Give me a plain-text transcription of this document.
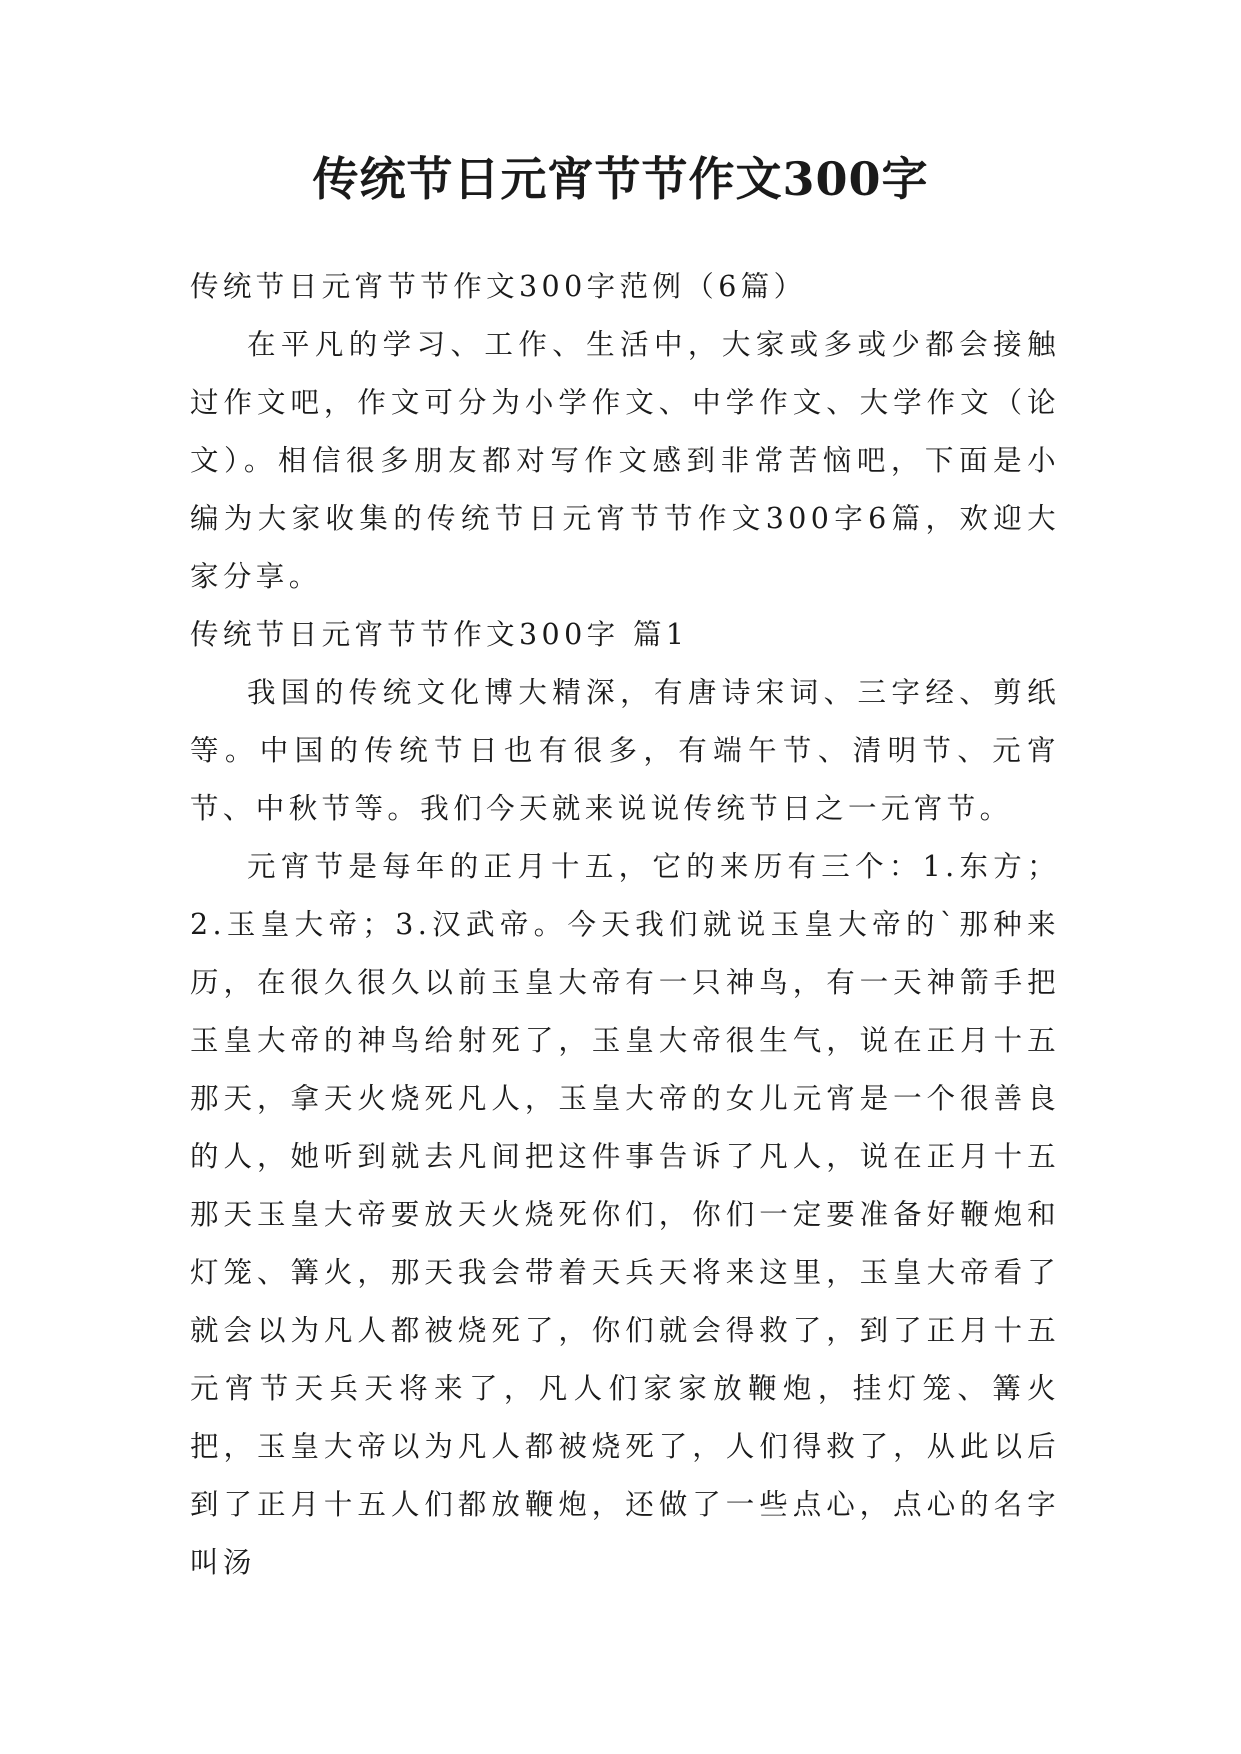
传统节日元宵节节作文300字

传统节日元宵节节作文300字范例（6篇）

在平凡的学习、工作、生活中，大家或多或少都会接触过作文吧，作文可分为小学作文、中学作文、大学作文（论文）。相信很多朋友都对写作文感到非常苦恼吧，下面是小编为大家收集的传统节日元宵节节作文300字6篇，欢迎大家分享。

传统节日元宵节节作文300字 篇1

我国的传统文化博大精深，有唐诗宋词、三字经、剪纸等。中国的传统节日也有很多，有端午节、清明节、元宵节、中秋节等。我们今天就来说说传统节日之一元宵节。

元宵节是每年的正月十五，它的来历有三个：1.东方；2.玉皇大帝；3.汉武帝。今天我们就说玉皇大帝的`那种来历，在很久很久以前玉皇大帝有一只神鸟，有一天神箭手把玉皇大帝的神鸟给射死了，玉皇大帝很生气，说在正月十五那天，拿天火烧死凡人，玉皇大帝的女儿元宵是一个很善良的人，她听到就去凡间把这件事告诉了凡人，说在正月十五那天玉皇大帝要放天火烧死你们，你们一定要准备好鞭炮和灯笼、篝火，那天我会带着天兵天将来这里，玉皇大帝看了就会以为凡人都被烧死了，你们就会得救了，到了正月十五元宵节天兵天将来了，凡人们家家放鞭炮，挂灯笼、篝火把，玉皇大帝以为凡人都被烧死了，人们得救了，从此以后到了正月十五人们都放鞭炮，还做了一些点心，点心的名字叫汤
